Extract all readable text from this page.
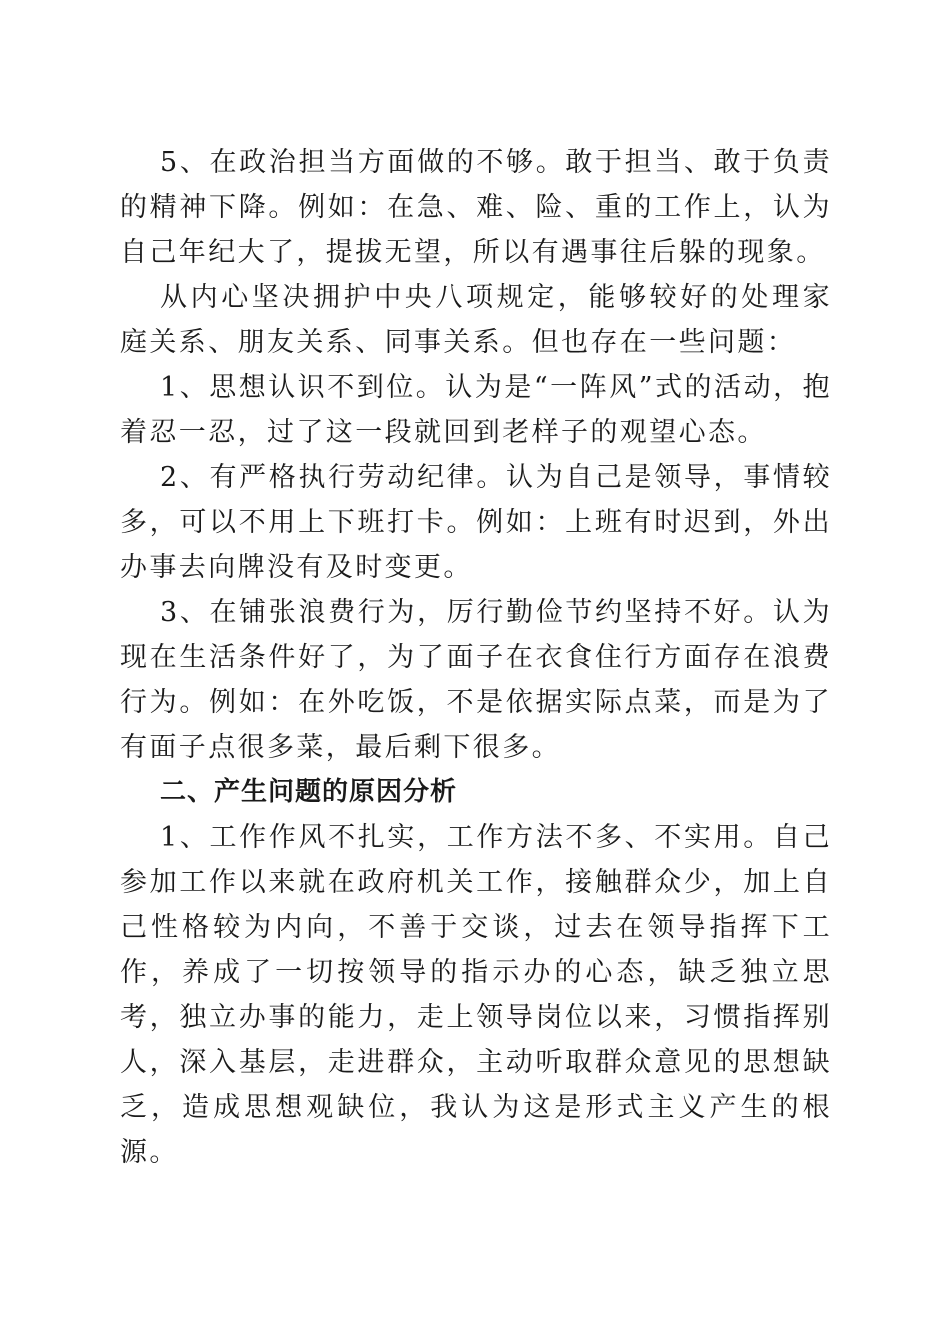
5、在政治担当方面做的不够。敢于担当、敢于负责的精神下降。例如：在急、难、险、重的工作上，认为自己年纪大了，提拔无望，所以有遇事往后躲的现象。

从内心坚决拥护中央八项规定，能够较好的处理家庭关系、朋友关系、同事关系。但也存在一些问题：

1、思想认识不到位。认为是“一阵风”式的活动，抱着忍一忍，过了这一段就回到老样子的观望心态。

2、有严格执行劳动纪律。认为自己是领导，事情较多，可以不用上下班打卡。例如：上班有时迟到，外出办事去向牌没有及时变更。

3、在铺张浪费行为，厉行勤俭节约坚持不好。认为现在生活条件好了，为了面子在衣食住行方面存在浪费行为。例如：在外吃饭，不是依据实际点菜，而是为了有面子点很多菜，最后剩下很多。

二、产生问题的原因分析

1、工作作风不扎实，工作方法不多、不实用。自己参加工作以来就在政府机关工作，接触群众少，加上自己性格较为内向，不善于交谈，过去在领导指挥下工作，养成了一切按领导的指示办的心态，缺乏独立思考，独立办事的能力，走上领导岗位以来，习惯指挥别人，深入基层，走进群众，主动听取群众意见的思想缺乏，造成思想观缺位，我认为这是形式主义产生的根源。
